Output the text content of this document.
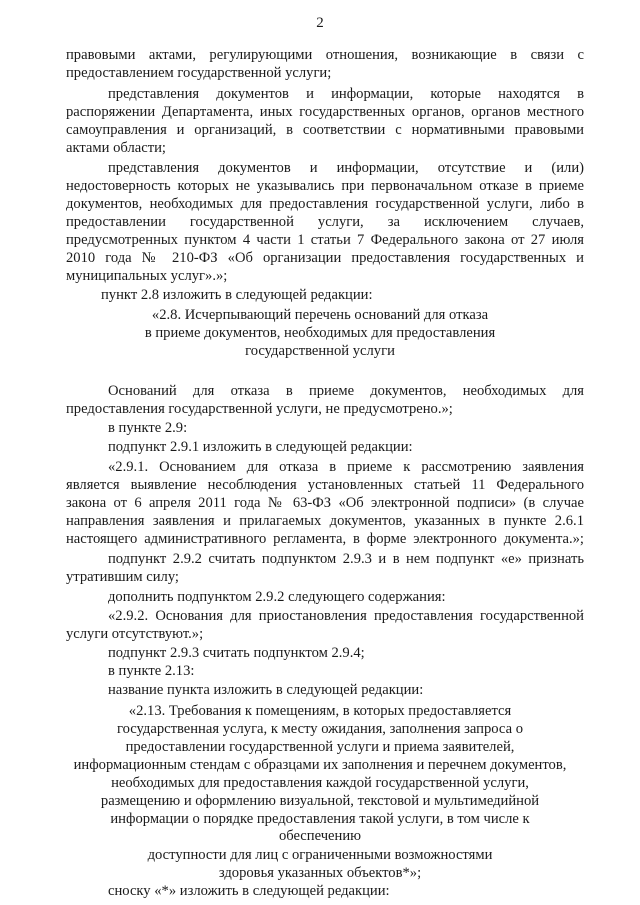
2
правовыми актами, регулирующими отношения, возникающие в связи с
предоставлением государственной услуги;
представления документов и информации, которые находятся в
распоряжении Департамента, иных государственных органов, органов местного
самоуправления и организаций, в соответствии с нормативными правовыми
актами области;
представления документов и информации, отсутствие и (или)
недостоверность которых не указывались при первоначальном отказе в приеме
документов, необходимых для предоставления государственной услуги, либо в
предоставлении государственной услуги, за исключением случаев,
предусмотренных пунктом 4 части 1 статьи 7 Федерального закона от 27 июля
2010 года № 210-ФЗ «Об организации предоставления государственных и
муниципальных услуг».»;
пункт 2.8 изложить в следующей редакции:
«2.8. Исчерпывающий перечень оснований для отказа
в приеме документов, необходимых для предоставления
государственной услуги
Оснований для отказа в приеме документов, необходимых для
предоставления государственной услуги, не предусмотрено.»;
в пункте 2.9:
подпункт 2.9.1 изложить в следующей редакции:
«2.9.1. Основанием для отказа в приеме к рассмотрению заявления
является выявление несоблюдения установленных статьей 11 Федерального
закона от 6 апреля 2011 года № 63-ФЗ «Об электронной подписи» (в случае
направления заявления и прилагаемых документов, указанных в пункте 2.6.1
настоящего административного регламента, в форме электронного документа.»;
подпункт 2.9.2 считать подпунктом 2.9.3 и в нем подпункт «е» признать
утратившим силу;
дополнить подпунктом 2.9.2 следующего содержания:
«2.9.2. Основания для приостановления предоставления государственной
услуги отсутствуют.»;
подпункт 2.9.3 считать подпунктом 2.9.4;
в пункте 2.13:
название пункта изложить в следующей редакции:
«2.13. Требования к помещениям, в которых предоставляется
государственная услуга, к месту ожидания, заполнения запроса о
предоставлении государственной услуги и приема заявителей,
информационным стендам с образцами их заполнения и перечнем документов,
необходимых для предоставления каждой государственной услуги,
размещению и оформлению визуальной, текстовой и мультимедийной
информации о порядке предоставления такой услуги, в том числе к
обеспечению
доступности для лиц с ограниченными возможностями
здоровья указанных объектов*»;
сноску «*» изложить в следующей редакции:
